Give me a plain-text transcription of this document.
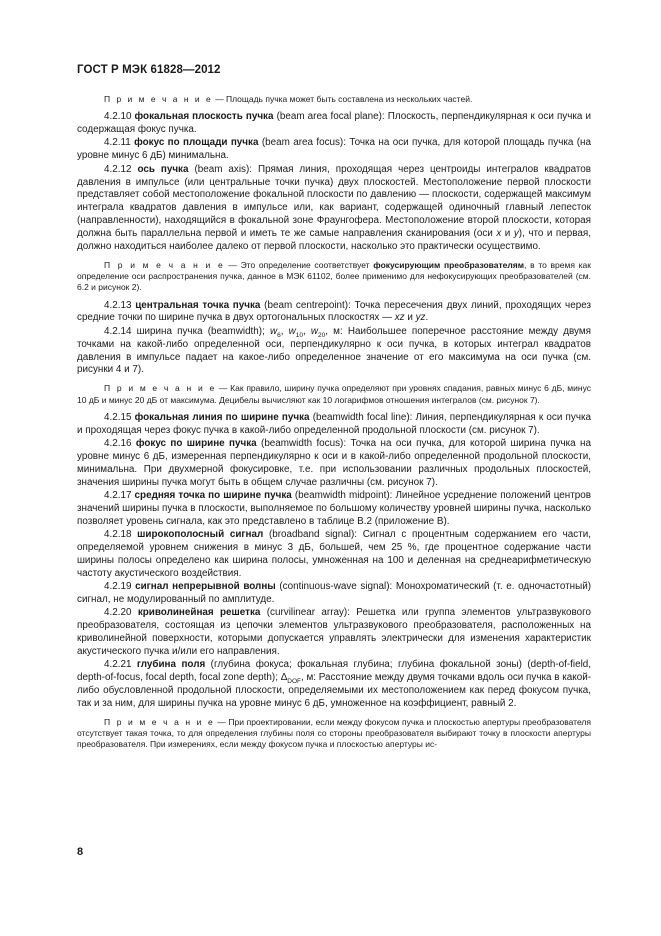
ГОСТ Р МЭК 61828—2012

П р и м е ч а н и е — Площадь пучка может быть составлена из нескольких частей.

4.2.10 фокальная плоскость пучка (beam area focal plane): Плоскость, перпендикулярная к оси пучка и содержащая фокус пучка.

4.2.11 фокус по площади пучка (beam area focus): Точка на оси пучка, для которой площадь пучка (на уровне минус 6 дБ) минимальна.

4.2.12 ось пучка (beam axis): Прямая линия, проходящая через центроиды интегралов квадратов давления в импульсе (или центральные точки пучка) двух плоскостей. Местоположение первой плоскости представляет собой местоположение фокальной плоскости по давлению — плоскости, содержащей максимум интеграла квадратов давления в импульсе или, как вариант, содержащей одиночный главный лепесток (направленности), находящийся в фокальной зоне Фраунгофера. Местоположение второй плоскости, которая должна быть параллельна первой и иметь те же самые направления сканирования (оси x и y), что и первая, должно находиться наиболее далеко от первой плоскости, насколько это практически осуществимо.

П р и м е ч а н и е — Это определение соответствует фокусирующим преобразователям, в то время как определение оси распространения пучка, данное в МЭК 61102, более применимо для нефокусирующих преобразователей (см. 6.2 и рисунок 2).

4.2.13 центральная точка пучка (beam centrepoint): Точка пересечения двух линий, проходящих через средние точки по ширине пучка в двух ортогональных плоскостях — xz и yz.

4.2.14 ширина пучка (beamwidth); $w_6$, $w_{10}$, $w_{20}$, м: Наибольшее поперечное расстояние между двумя точками на какой-либо определенной оси, перпендикулярно к оси пучка, в которых интеграл квадратов давления в импульсе падает на какое-либо определенное значение от его максимума на оси пучка (см. рисунки 4 и 7).

П р и м е ч а н и е — Как правило, ширину пучка определяют при уровнях спадания, равных минус 6 дБ, минус 10 дБ и минус 20 дБ от максимума. Децибелы вычисляют как 10 логарифмов отношения интегралов (см. рисунок 7).

4.2.15 фокальная линия по ширине пучка (beamwidth focal line): Линия, перпендикулярная к оси пучка и проходящая через фокус пучка в какой-либо определенной продольной плоскости (см. рисунок 7).

4.2.16 фокус по ширине пучка (beamwidth focus): Точка на оси пучка, для которой ширина пучка на уровне минус 6 дБ, измеренная перпендикулярно к оси и в какой-либо определенной продольной плоскости, минимальна. При двухмерной фокусировке, т.е. при использовании различных продольных плоскостей, значения ширины пучка могут быть в общем случае различны (см. рисунок 7).

4.2.17 средняя точка по ширине пучка (beamwidth midpoint): Линейное усреднение положений центров значений ширины пучка в плоскости, выполняемое по большому количеству уровней ширины пучка, насколько позволяет уровень сигнала, как это представлено в таблице В.2 (приложение В).

4.2.18 широкополосный сигнал (broadband signal): Сигнал с процентным содержанием его части, определяемой уровнем снижения в минус 3 дБ, большей, чем 25 %, где процентное содержание части ширины полосы определено как ширина полосы, умноженная на 100 и деленная на среднеарифметическую частоту акустического воздействия.

4.2.19 сигнал непрерывной волны (continuous-wave signal): Монохроматический (т. е. одночастотный) сигнал, не модулированный по амплитуде.

4.2.20 криволинейная решетка (curvilinear array): Решетка или группа элементов ультразвукового преобразователя, состоящая из цепочки элементов ультразвукового преобразователя, расположенных на криволинейной поверхности, которыми допускается управлять электрически для изменения характеристик акустического пучка и/или его направления.

4.2.21 глубина поля (глубина фокуса; фокальная глубина; глубина фокальной зоны) (depth-of-field, depth-of-focus, focal depth, focal zone depth); $\Delta_{DOF}$, м: Расстояние между двумя точками вдоль оси пучка в какой-либо обусловленной продольной плоскости, определяемыми их местоположением как перед фокусом пучка, так и за ним, для ширины пучка на уровне минус 6 дБ, умноженное на коэффициент, равный 2.

П р и м е ч а н и е — При проектировании, если между фокусом пучка и плоскостью апертуры преобразователя отсутствует такая точка, то для определения глубины поля со стороны преобразователя выбирают точку в плоскости апертуры преобразователя. При измерениях, если между фокусом пучка и плоскостью апертуры ис-

8
